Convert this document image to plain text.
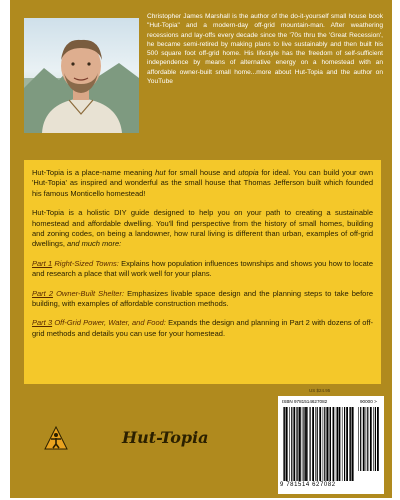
Christopher James Marshall is the author of the do-it-yourself small house book "Hut-Topia" and a modern-day off-grid mountain-man. After weathering recessions and lay-offs every decade since the '70s thru the 'Great Recession', he became semi-retired by making plans to live sustainably and then built his 500 square foot off-grid home. His lifestyle has the freedom of self-sufficient independence by means of alternative energy on a homestead with an affordable owner-built small home...more about Hut-Topia and the author on YouTube

Hut-Topia is a place-name meaning hut for small house and utopia for ideal. You can build your own 'Hut-Topia' as inspired and wonderful as the small house that Thomas Jefferson built which founded his famous Monticello homestead!

Hut-Topia is a holistic DIY guide designed to help you on your path to creating a sustainable homestead and affordable dwelling. You'll find perspective from the history of small homes, building and zoning codes, on being a landowner, how rural living is different than urban, examples of off-grid dwellings, and much more:

Part 1 Right-Sized Towns: Explains how population influences townships and shows you how to locate and research a place that will work well for your plans.

Part 2 Owner-Built Shelter: Emphasizes livable space design and the planning steps to take before building, with examples of affordable construction methods.

Part 3 Off-Grid Power, Water, and Food: Expands the design and planning in Part 2 with dozens of off-grid methods and details you can use for your homestead.

US $24.95
ISBN 9781514627082	90000 >
9 781514 627082
Hut-Topia
